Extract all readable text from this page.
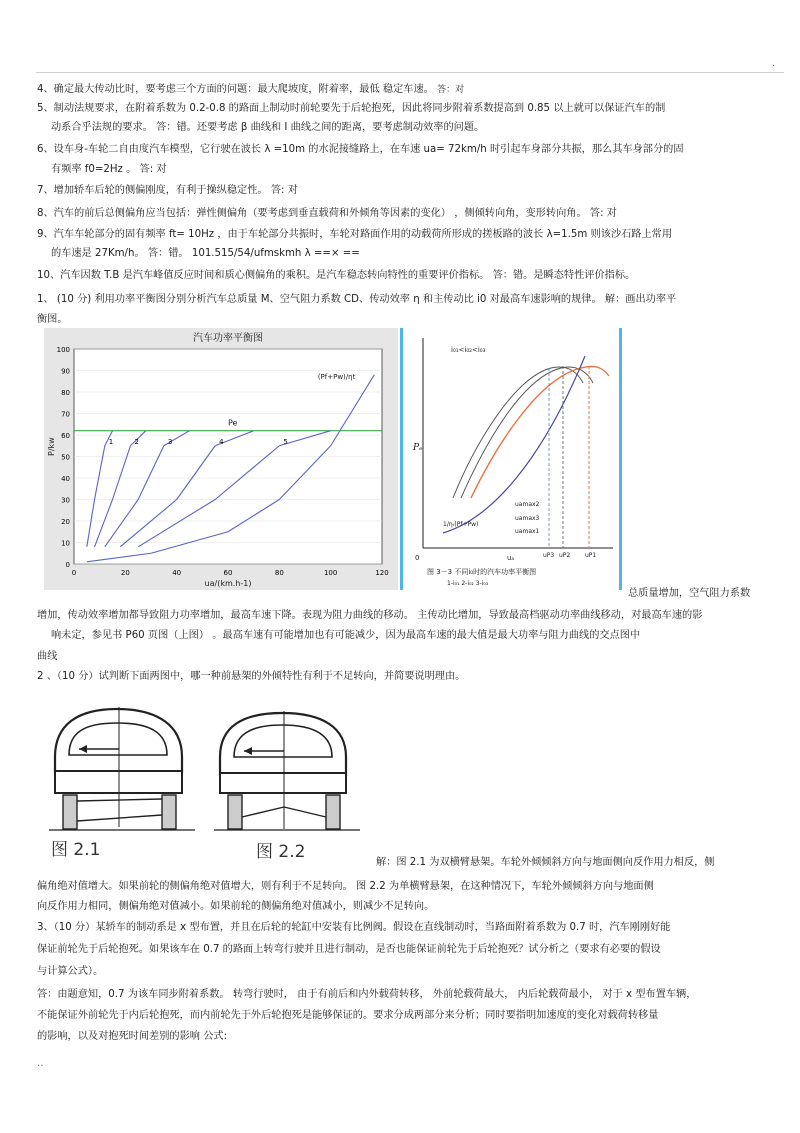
.
4、确定最大传动比时，要考虑三个方面的问题：最大爬坡度，附着率，最低 稳定车速。 答：对
5、制动法规要求，在附着系数为 0.2-0.8 的路面上制动时前轮要先于后轮抱死，因此将同步附着系数提高到 0.85 以上就可以保证汽车的制
动系合乎法规的要求。 答：错。还要考虑 β 曲线和 I 曲线之间的距离，要考虑制动效率的问题。
6、设车身-车轮二自由度汽车模型，它行驶在波长 λ =10m 的水泥接缝路上，在车速 ua= 72km/h 时引起车身部分共振，那么其车身部分的固
有频率 f0=2Hz 。 答: 对
7、增加轿车后轮的侧偏刚度，有利于操纵稳定性。 答: 对
8、汽车的前后总侧偏角应当包括：弹性侧偏角（要考虑到垂直载荷和外倾角等因素的变化） ，侧倾转向角，变形转向角。 答: 对
9、汽车车轮部分的固有频率 ft= 10Hz ，由于车轮部分共振时，车轮对路面作用的动载荷所形成的搓板路的波长 λ=1.5m 则该沙石路上常用
的车速是 27Km/h。 答：错。 101.515/54/ufmskmh λ ==× ==
10、汽车因数 T.B 是汽车峰值反应时间和质心侧偏角的乘积。是汽车稳态转向特性的重要评价指标。 答：错。是瞬态特性评价指标。
1、 (10 分) 利用功率平衡图分别分析汽车总质量 M、空气阻力系数 CD、传动效率 η 和主传动比 i0 对最高车速影响的规律。 解：画出功率平
衡图。
汽车功率平衡图
P/kw
ua/(km.h-1)
0	20	40	60	80	100	120
0
10
20
30
40
50
60
70
80
90
100
Pe
(Pf+Pw)/ηt
1	2	3	4	5
i₀₁<i₀₂<i₀₃
Pₑ
0	uₐ
uamax2
uamax3
uamax1
1/ηₜ(Pf+Pw)
uP3 uP2 uP1
图 3－3 不同i₀时的汽车功率平衡图
1-i₀₁ 2-i₀₂ 3-i₀₃
总质量增加，空气阻力系数
增加，传动效率增加都导致阻力功率增加，最高车速下降。表现为阻力曲线的移动。 主传动比增加，导致最高档驱动功率曲线移动，对最高车速的影
响未定，参见书 P60 页图（上图） 。最高车速有可能增加也有可能减少，因为最高车速的最大值是最大功率与阻力曲线的交点图中
曲线
2 、（10 分）试判断下面两图中，哪一种前悬架的外倾特性有利于不足转向，并简要说明理由。
图 2.1	图 2.2
解：图 2.1 为双横臂悬架。车轮外倾倾斜方向与地面侧向反作用力相反，侧
偏角绝对值增大。如果前轮的侧偏角绝对值增大，则有利于不足转向。 图 2.2 为单横臂悬架，在这种情况下，车轮外倾倾斜方向与地面侧
向反作用力相同，侧偏角绝对值减小。如果前轮的侧偏角绝对值减小，则减少不足转向。
3、（10 分）某轿车的制动系是 x 型布置，并且在后轮的轮缸中安装有比例阀。假设在直线制动时，当路面附着系数为 0.7 时，汽车刚刚好能
保证前轮先于后轮抱死。如果该车在 0.7 的路面上转弯行驶并且进行制动，是否也能保证前轮先于后轮抱死？试分析之（要求有必要的假设
与计算公式）。
答：由题意知，0.7 为该车同步附着系数。 转弯行驶时， 由于有前后和内外载荷转移， 外前轮载荷最大， 内后轮载荷最小， 对于 x 型布置车辆，
不能保证外前轮先于内后轮抱死，而内前轮先于外后轮抱死是能够保证的。要求分成两部分来分析；同时要指明加速度的变化对载荷转移量
的影响，以及对抱死时间差别的影响 公式:
..
